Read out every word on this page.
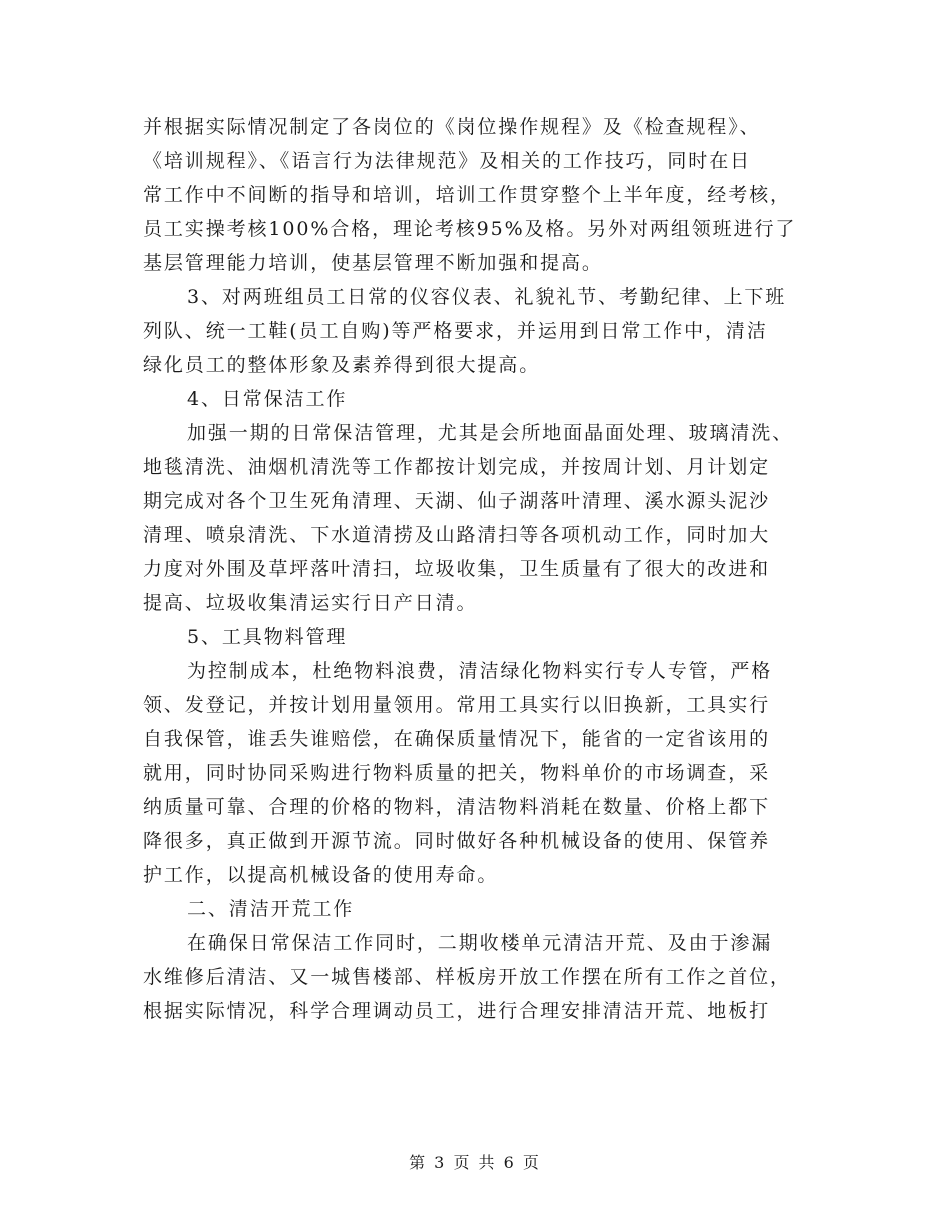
并根据实际情况制定了各岗位的《岗位操作规程》及《检查规程》、
《培训规程》、《语言行为法律规范》及相关的工作技巧，同时在日
常工作中不间断的指导和培训，培训工作贯穿整个上半年度，经考核，
员工实操考核100%合格，理论考核95%及格。另外对两组领班进行了
基层管理能力培训，使基层管理不断加强和提高。
3、对两班组员工日常的仪容仪表、礼貌礼节、考勤纪律、上下班
列队、统一工鞋(员工自购)等严格要求，并运用到日常工作中，清洁
绿化员工的整体形象及素养得到很大提高。
4、日常保洁工作
加强一期的日常保洁管理，尤其是会所地面晶面处理、玻璃清洗、
地毯清洗、油烟机清洗等工作都按计划完成，并按周计划、月计划定
期完成对各个卫生死角清理、天湖、仙子湖落叶清理、溪水源头泥沙
清理、喷泉清洗、下水道清捞及山路清扫等各项机动工作，同时加大
力度对外围及草坪落叶清扫，垃圾收集，卫生质量有了很大的改进和
提高、垃圾收集清运实行日产日清。
5、工具物料管理
为控制成本，杜绝物料浪费，清洁绿化物料实行专人专管，严格
领、发登记，并按计划用量领用。常用工具实行以旧换新，工具实行
自我保管，谁丢失谁赔偿，在确保质量情况下，能省的一定省该用的
就用，同时协同采购进行物料质量的把关，物料单价的市场调查，采
纳质量可靠、合理的价格的物料，清洁物料消耗在数量、价格上都下
降很多，真正做到开源节流。同时做好各种机械设备的使用、保管养
护工作，以提高机械设备的使用寿命。
二、清洁开荒工作
在确保日常保洁工作同时，二期收楼单元清洁开荒、及由于渗漏
水维修后清洁、又一城售楼部、样板房开放工作摆在所有工作之首位，
根据实际情况，科学合理调动员工，进行合理安排清洁开荒、地板打
第 3 页 共 6 页
